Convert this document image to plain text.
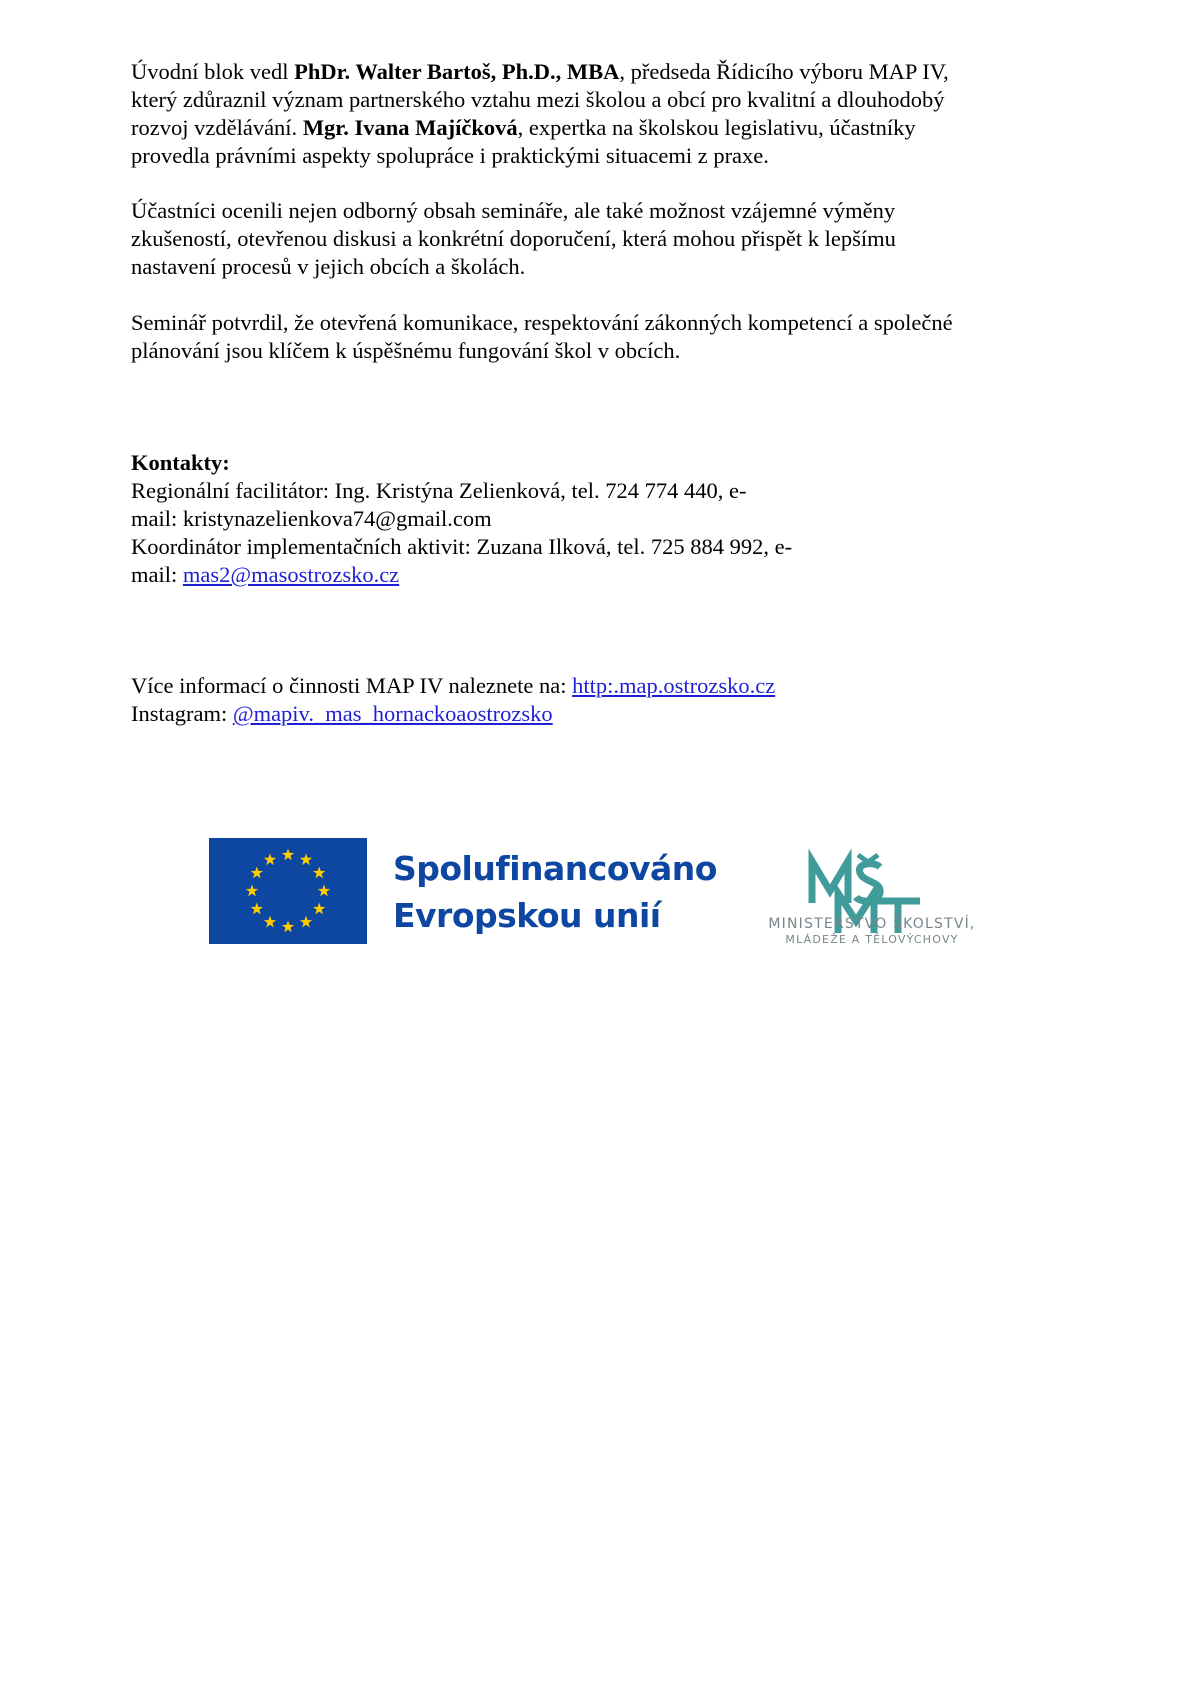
Úvodní blok vedl PhDr. Walter Bartoš, Ph.D., MBA, předseda Řídicího výboru MAP IV,
který zdůraznil význam partnerského vztahu mezi školou a obcí pro kvalitní a dlouhodobý
rozvoj vzdělávání. Mgr. Ivana Majíčková, expertka na školskou legislativu, účastníky
provedla právními aspekty spolupráce i praktickými situacemi z praxe.

Účastníci ocenili nejen odborný obsah semináře, ale také možnost vzájemné výměny
zkušeností, otevřenou diskusi a konkrétní doporučení, která mohou přispět k lepšímu
nastavení procesů v jejich obcích a školách.

Seminář potvrdil, že otevřená komunikace, respektování zákonných kompetencí a společné
plánování jsou klíčem k úspěšnému fungování škol v obcích.

Kontakty:
Regionální facilitátor: Ing. Kristýna Zelienková, tel. 724 774 440, e-
mail: kristynazelienkova74@gmail.com
Koordinátor implementačních aktivit: Zuzana Ilková, tel. 725 884 992, e-
mail: mas2@masostrozsko.cz

Více informací o činnosti MAP IV naleznete na: http:.map.ostrozsko.cz
Instagram: @mapiv._mas_hornackoaostrozsko

Spolufinancováno
Evropskou unií
MŠMT
MINISTERSTVO ŠKOLSTVÍ,
MLÁDEŽE A TĚLOVÝCHOVY
